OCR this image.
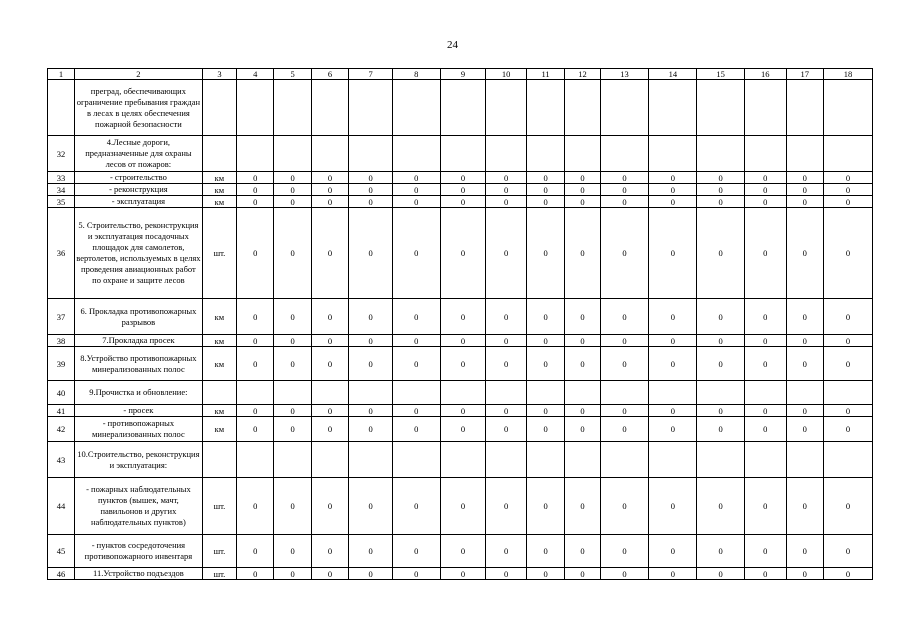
24
1	2	3	4	5	6	7	8	9	10	11	12	13	14	15	16	17	18
	преград, обеспечивающих ограничение пребывания граждан в лесах в целях обеспечения пожарной безопасности																
32	4.Лесные дороги, предназначенные для охраны лесов от пожаров:																
33	- строительство	км	0	0	0	0	0	0	0	0	0	0	0	0	0	0	0
34	- реконструкция	км	0	0	0	0	0	0	0	0	0	0	0	0	0	0	0
35	- эксплуатация	км	0	0	0	0	0	0	0	0	0	0	0	0	0	0	0
36	5. Строительство, реконструкция и эксплуатация посадочных площадок для самолетов, вертолетов, используемых в целях проведения авиационных работ по охране и защите лесов	шт.	0	0	0	0	0	0	0	0	0	0	0	0	0	0	0
37	6. Прокладка противопожарных разрывов	км	0	0	0	0	0	0	0	0	0	0	0	0	0	0	0
38	7.Прокладка просек	км	0	0	0	0	0	0	0	0	0	0	0	0	0	0	0
39	8.Устройство противопожарных минерализованных полос	км	0	0	0	0	0	0	0	0	0	0	0	0	0	0	0
40	9.Прочистка и обновление:																
41	- просек	км	0	0	0	0	0	0	0	0	0	0	0	0	0	0	0
42	- противопожарных минерализованных полос	км	0	0	0	0	0	0	0	0	0	0	0	0	0	0	0
43	10.Строительство, реконструкция и эксплуатация:																
44	- пожарных наблюдательных пунктов (вышек, мачт, павильонов и других наблюдательных пунктов)	шт.	0	0	0	0	0	0	0	0	0	0	0	0	0	0	0
45	- пунктов сосредоточения противопожарного инвентаря	шт.	0	0	0	0	0	0	0	0	0	0	0	0	0	0	0
46	11.Устройство подъездов	шт.	0	0	0	0	0	0	0	0	0	0	0	0	0	0	0
